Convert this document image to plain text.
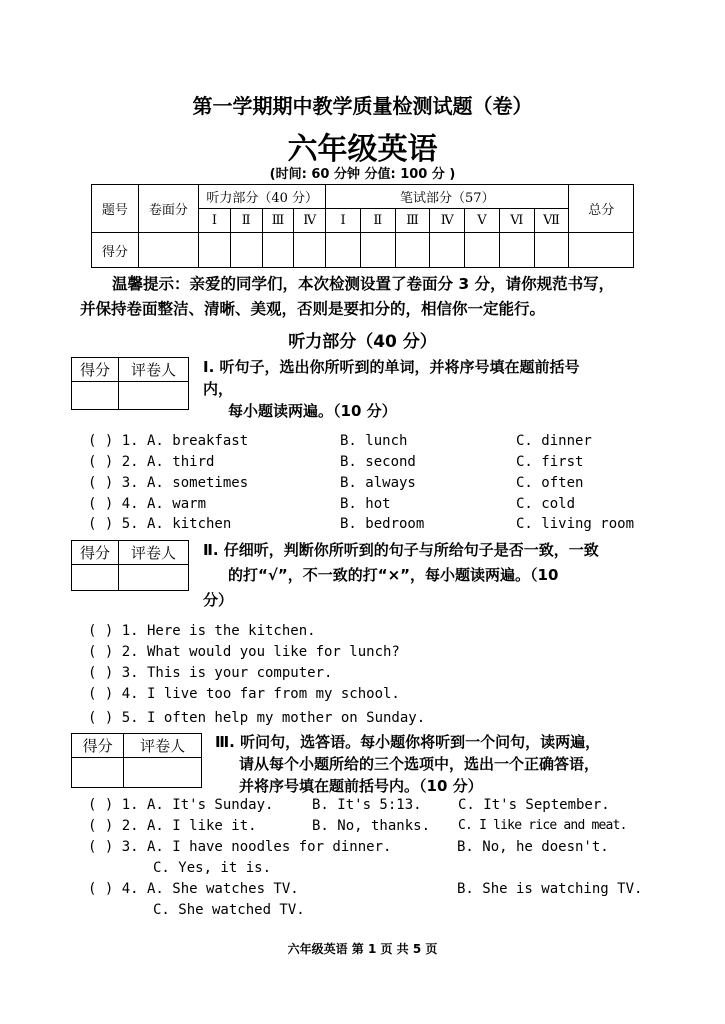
第一学期期中教学质量检测试题（卷）
六年级英语
(时间: 60 分钟 分值: 100 分 )
题号	卷面分	听力部分（40 分）				笔试部分（57）							总分
		Ⅰ	Ⅱ	Ⅲ	Ⅳ	Ⅰ	Ⅱ	Ⅲ	Ⅳ	Ⅴ	Ⅵ	Ⅶ	
得分													
温馨提示：亲爱的同学们，本次检测设置了卷面分 3 分，请你规范书写，
并保持卷面整洁、清晰、美观，否则是要扣分的，相信你一定能行。
听力部分（40 分）
得分	评卷人
	Ⅰ. 听句子，选出你所听到的单词，并将序号填在题前括号
内，
每小题读两遍。（10 分）
( ) 1. A. breakfast	B. lunch	C. dinner
( ) 2. A. third	B. second	C. first
( ) 3. A. sometimes	B. always	C. often
( ) 4. A. warm	B. hot	C. cold
( ) 5. A. kitchen	B. bedroom	C. living room
得分	评卷人
	Ⅱ. 仔细听，判断你所听到的句子与所给句子是否一致，一致
的打“√”，不一致的打“×”，每小题读两遍。（10
分）
( ) 1. Here is the kitchen.
( ) 2. What would you like for lunch?
( ) 3. This is your computer.
( ) 4. I live too far from my school.
( ) 5. I often help my mother on Sunday.
得分	评卷人
	Ⅲ. 听问句，选答语。每小题你将听到一个问句，读两遍，
请从每个小题所给的三个选项中，选出一个正确答语，
并将序号填在题前括号内。（10 分）
( ) 1. A. It's Sunday.	B. It's 5:13.	C. It's September.
( ) 2. A. I like it.	B. No, thanks. C. I like rice and meat.
( ) 3. A. I have noodles for dinner.	B. No, he doesn't.
C. Yes, it is.
( ) 4. A. She watches TV.	B. She is watching TV.
C. She watched TV.
六年级英语 第 1 页 共 5 页
